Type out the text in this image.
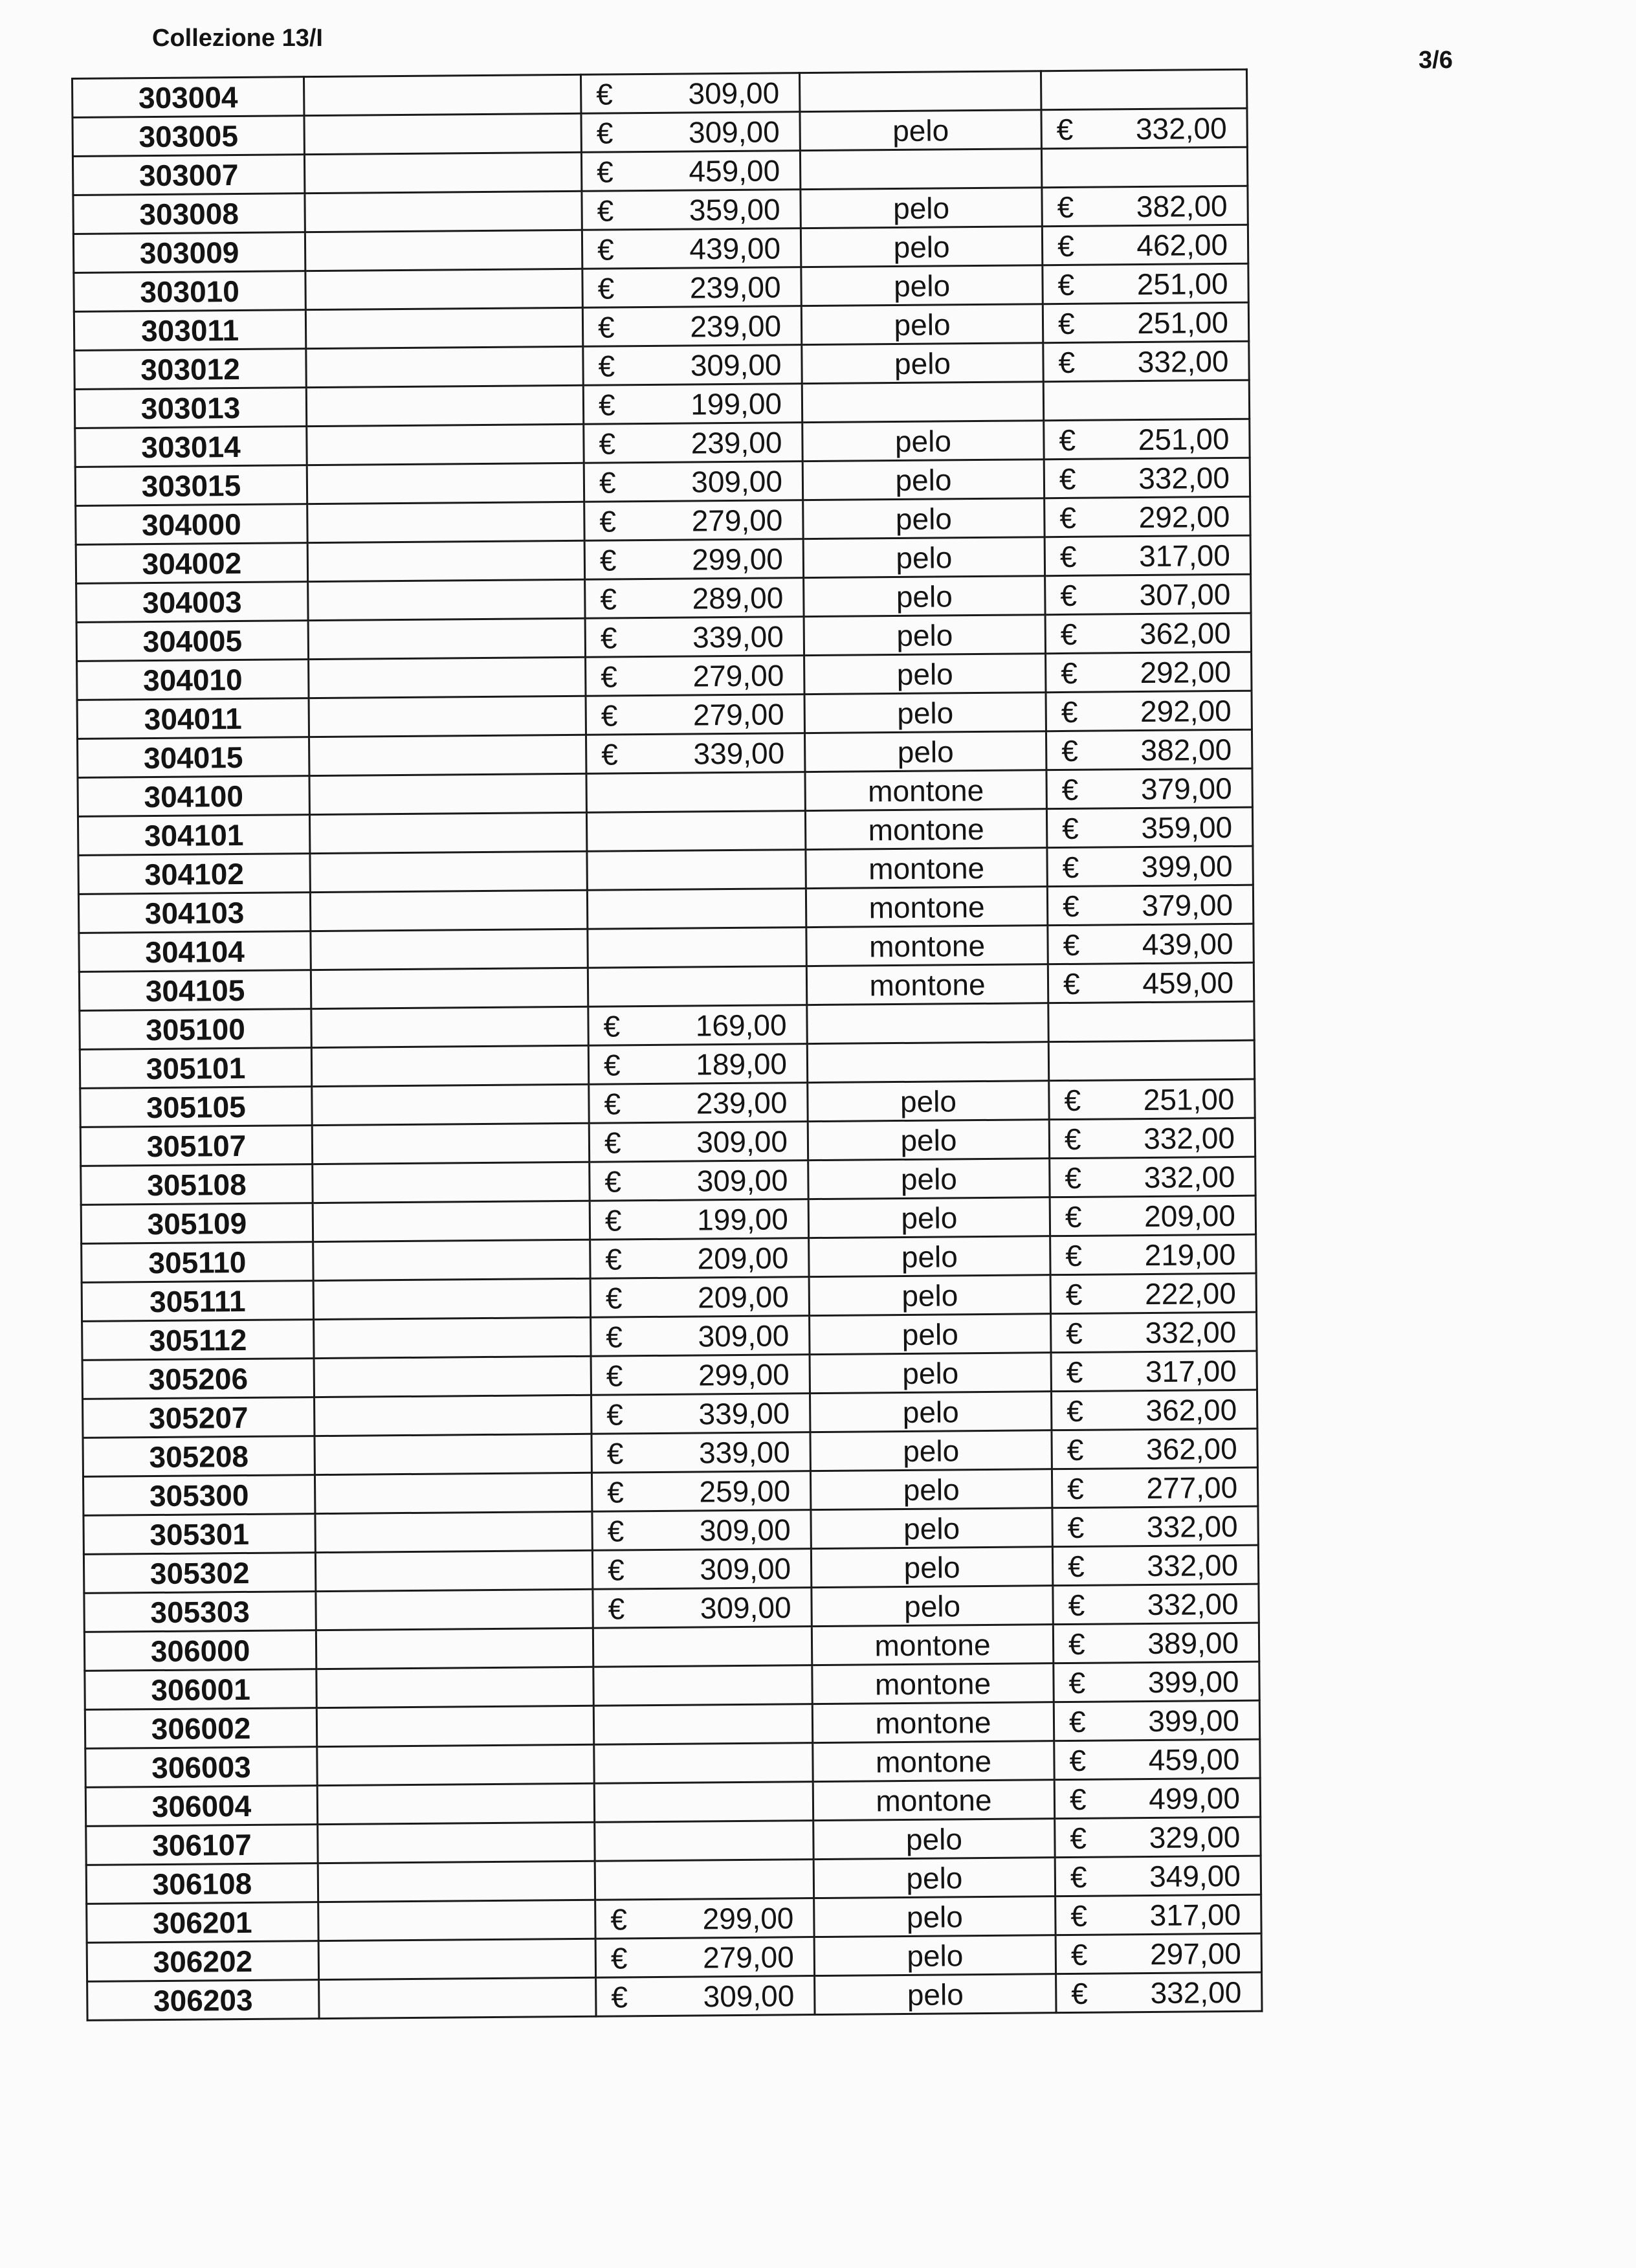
Collezione 13/I
3/6
303004		€ 309,00		

303005		€ 309,00	pelo	€ 332,00

303007		€ 459,00		

303008		€ 359,00	pelo	€ 382,00

303009		€ 439,00	pelo	€ 462,00

303010		€ 239,00	pelo	€ 251,00

303011		€ 239,00	pelo	€ 251,00

303012		€ 309,00	pelo	€ 332,00

303013		€ 199,00		

303014		€ 239,00	pelo	€ 251,00

303015		€ 309,00	pelo	€ 332,00

304000		€ 279,00	pelo	€ 292,00

304002		€ 299,00	pelo	€ 317,00

304003		€ 289,00	pelo	€ 307,00

304005		€ 339,00	pelo	€ 362,00

304010		€ 279,00	pelo	€ 292,00

304011		€ 279,00	pelo	€ 292,00

304015		€ 339,00	pelo	€ 382,00

304100			montone	€ 379,00

304101			montone	€ 359,00

304102			montone	€ 399,00

304103			montone	€ 379,00

304104			montone	€ 439,00

304105			montone	€ 459,00

305100		€ 169,00		

305101		€ 189,00		

305105		€ 239,00	pelo	€ 251,00

305107		€ 309,00	pelo	€ 332,00

305108		€ 309,00	pelo	€ 332,00

305109		€ 199,00	pelo	€ 209,00

305110		€ 209,00	pelo	€ 219,00

305111		€ 209,00	pelo	€ 222,00

305112		€ 309,00	pelo	€ 332,00

305206		€ 299,00	pelo	€ 317,00

305207		€ 339,00	pelo	€ 362,00

305208		€ 339,00	pelo	€ 362,00

305300		€ 259,00	pelo	€ 277,00

305301		€ 309,00	pelo	€ 332,00

305302		€ 309,00	pelo	€ 332,00

305303		€ 309,00	pelo	€ 332,00

306000			montone	€ 389,00

306001			montone	€ 399,00

306002			montone	€ 399,00

306003			montone	€ 459,00

306004			montone	€ 499,00

306107			pelo	€ 329,00

306108			pelo	€ 349,00

306201		€ 299,00	pelo	€ 317,00

306202		€ 279,00	pelo	€ 297,00

306203		€ 309,00	pelo	€ 332,00
